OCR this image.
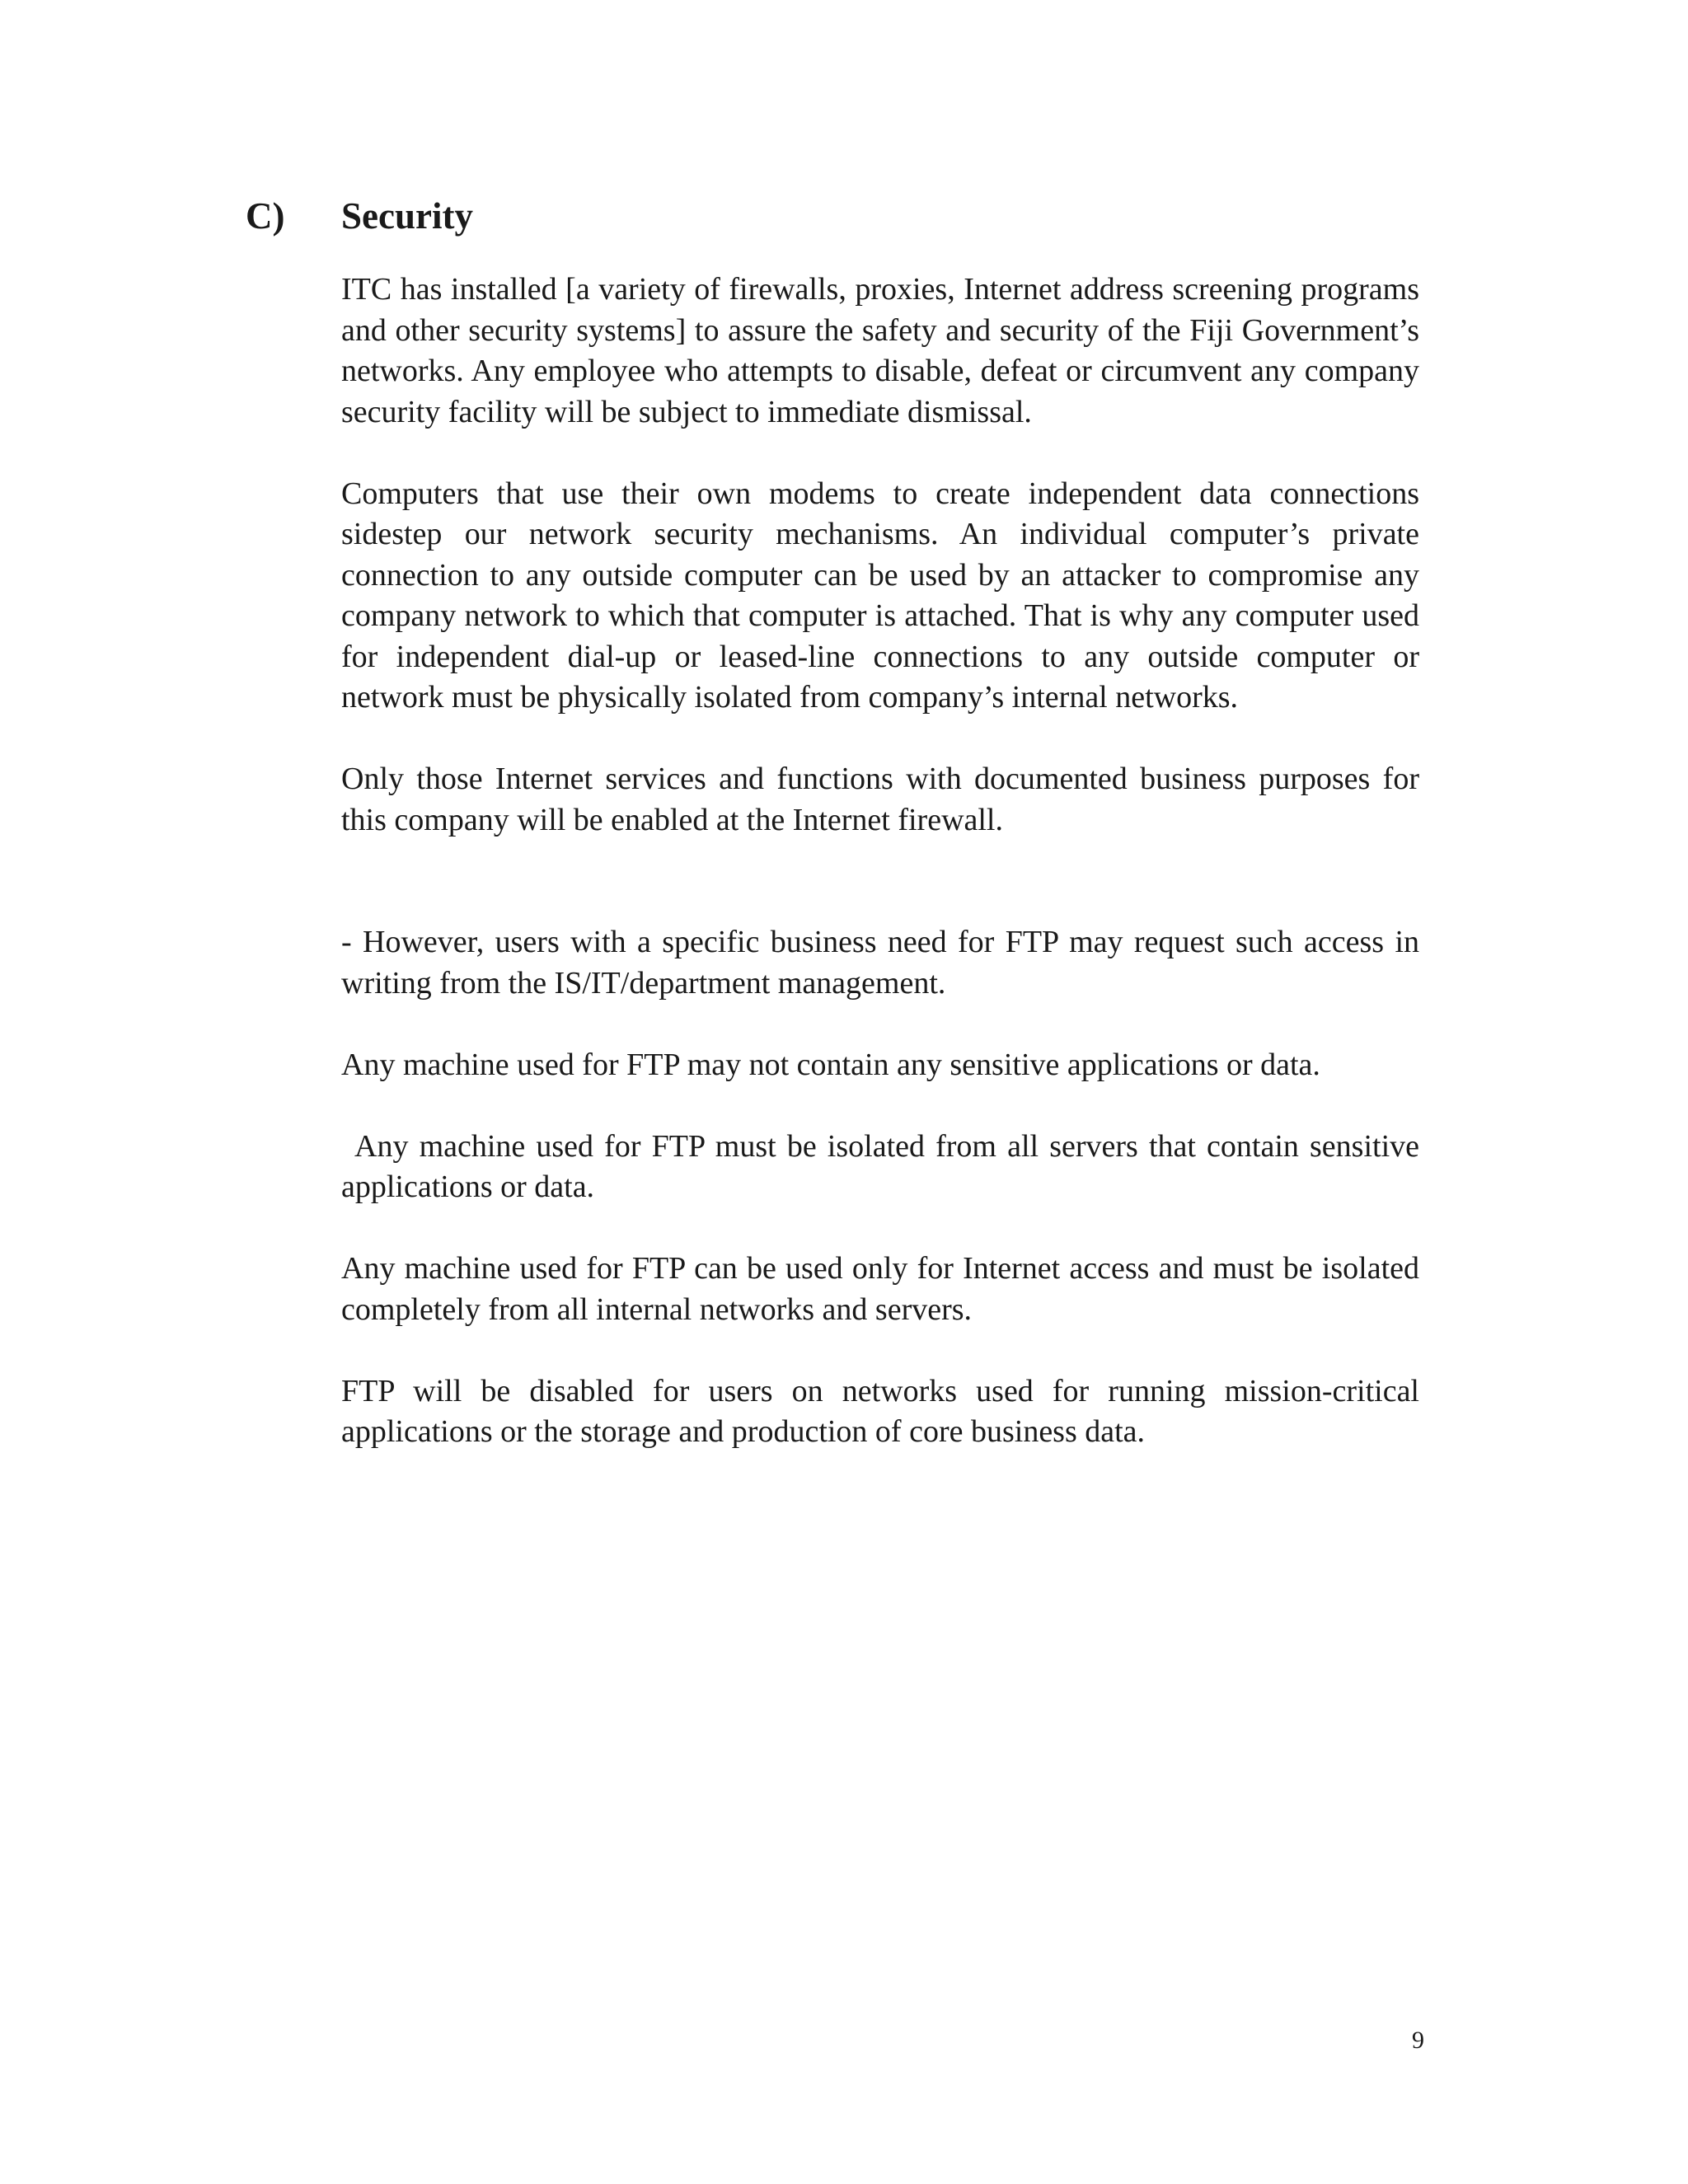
C) Security

ITC has installed [a variety of firewalls, proxies, Internet address screening programs and other security systems] to assure the safety and security of the Fiji Government’s networks. Any employee who attempts to disable, defeat or circumvent any company security facility will be subject to immediate dismissal.

Computers that use their own modems to create independent data connections sidestep our network security mechanisms. An individual computer’s private connection to any outside computer can be used by an attacker to compromise any company network to which that computer is attached. That is why any computer used for independent dial-up or leased-line connections to any outside computer or network must be physically isolated from company’s internal networks.

Only those Internet services and functions with documented business purposes for this company will be enabled at the Internet firewall.

- However, users with a specific business need for FTP may request such access in writing from the IS/IT/department management.

Any machine used for FTP may not contain any sensitive applications or data.

Any machine used for FTP must be isolated from all servers that contain sensitive applications or data.

Any machine used for FTP can be used only for Internet access and must be isolated completely from all internal networks and servers.

FTP will be disabled for users on networks used for running mission-critical applications or the storage and production of core business data.

9
